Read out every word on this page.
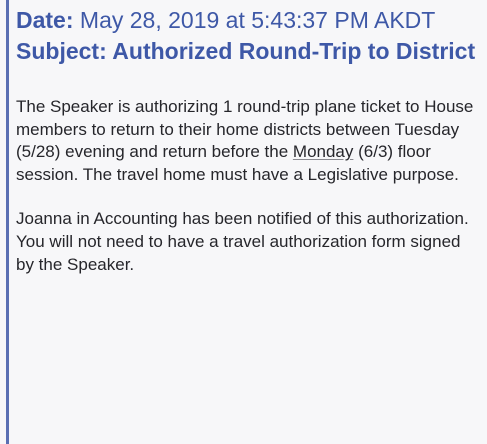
Date: May 28, 2019 at 5:43:37 PM AKDT
Subject: Authorized Round-Trip to District
The Speaker is authorizing 1 round-trip plane ticket to House members to return to their home districts between Tuesday (5/28) evening and return before the Monday (6/3) floor session. The travel home must have a Legislative purpose.
Joanna in Accounting has been notified of this authorization. You will not need to have a travel authorization form signed by the Speaker.
